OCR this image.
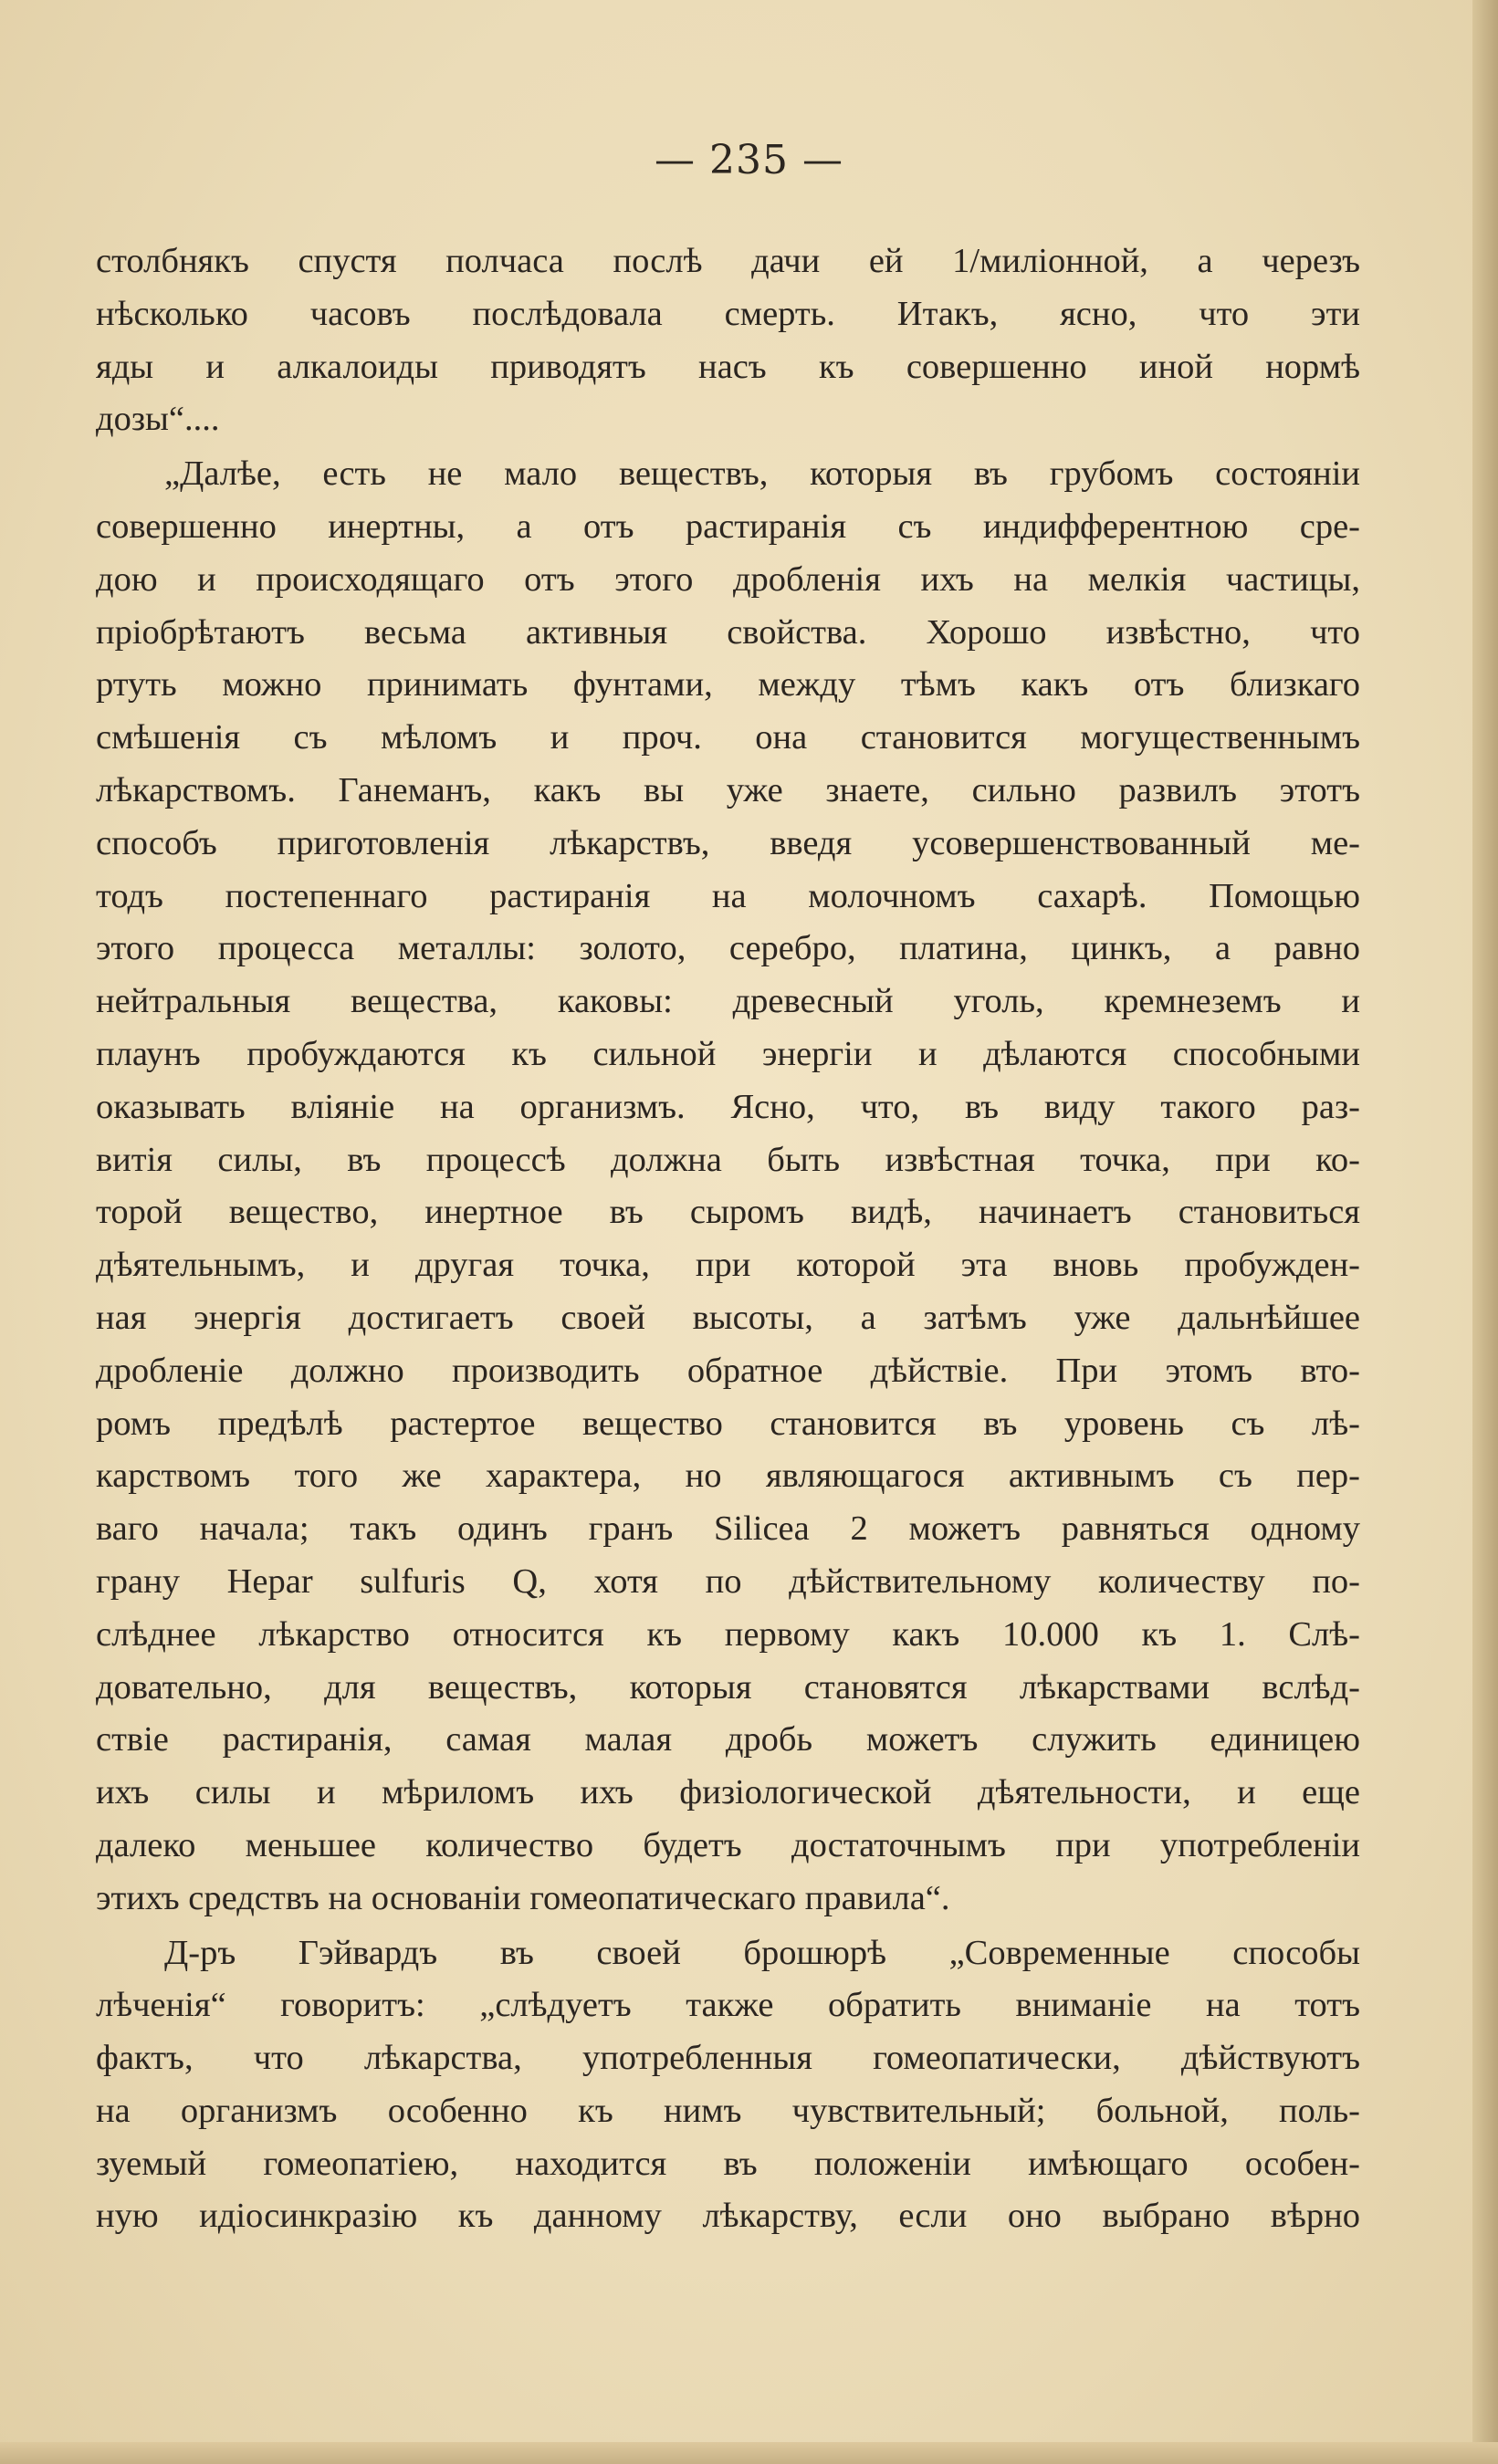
— 235 —
столбнякъ спустя полчаса послѣ дачи ей 1/миліонной, а черезъ
нѣсколько часовъ послѣдовала смерть. Итакъ, ясно, что эти
яды и алкалоиды приводятъ насъ къ совершенно иной нормѣ
дозы“....
„Далѣе, есть не мало веществъ, которыя въ грубомъ состояніи
совершенно инертны, а отъ растиранія съ индифферентною сре-
дою и происходящаго отъ этого дробленія ихъ на мелкія частицы,
пріобрѣтаютъ весьма активныя свойства. Хорошо извѣстно, что
ртуть можно принимать фунтами, между тѣмъ какъ отъ близкаго
смѣшенія съ мѣломъ и проч. она становится могущественнымъ
лѣкарствомъ. Ганеманъ, какъ вы уже знаете, сильно развилъ этотъ
способъ приготовленія лѣкарствъ, введя усовершенствованный ме-
тодъ постепеннаго растиранія на молочномъ сахарѣ. Помощью
этого процесса металлы: золото, серебро, платина, цинкъ, а равно
нейтральныя вещества, каковы: древесный уголь, кремнеземъ и
плаунъ пробуждаются къ сильной энергіи и дѣлаются способными
оказывать вліяніе на организмъ. Ясно, что, въ виду такого раз-
витія силы, въ процессѣ должна быть извѣстная точка, при ко-
торой вещество, инертное въ сыромъ видѣ, начинаетъ становиться
дѣятельнымъ, и другая точка, при которой эта вновь пробужден-
ная энергія достигаетъ своей высоты, а затѣмъ уже дальнѣйшее
дробленіе должно производить обратное дѣйствіе. При этомъ вто-
ромъ предѣлѣ растертое вещество становится въ уровень съ лѣ-
карствомъ того же характера, но являющагося активнымъ съ пер-
ваго начала; такъ одинъ гранъ Silicea 2 можетъ равняться одному
грану Hepar sulfuris Q, хотя по дѣйствительному количеству по-
слѣднее лѣкарство относится къ первому какъ 10.000 къ 1. Слѣ-
довательно, для веществъ, которыя становятся лѣкарствами вслѣд-
ствіе растиранія, самая малая дробь можетъ служить единицею
ихъ силы и мѣриломъ ихъ физіологической дѣятельности, и еще
далеко меньшее количество будетъ достаточнымъ при употребленіи
этихъ средствъ на основаніи гомеопатическаго правила“.
Д-ръ Гэйвардъ въ своей брошюрѣ „Современные способы
лѣченія“ говоритъ: „слѣдуетъ также обратить вниманіе на тотъ
фактъ, что лѣкарства, употребленныя гомеопатически, дѣйствуютъ
на организмъ особенно къ нимъ чувствительный; больной, поль-
зуемый гомеопатіею, находится въ положеніи имѣющаго особен-
ную идіосинкразію къ данному лѣкарству, если оно выбрано вѣрно
